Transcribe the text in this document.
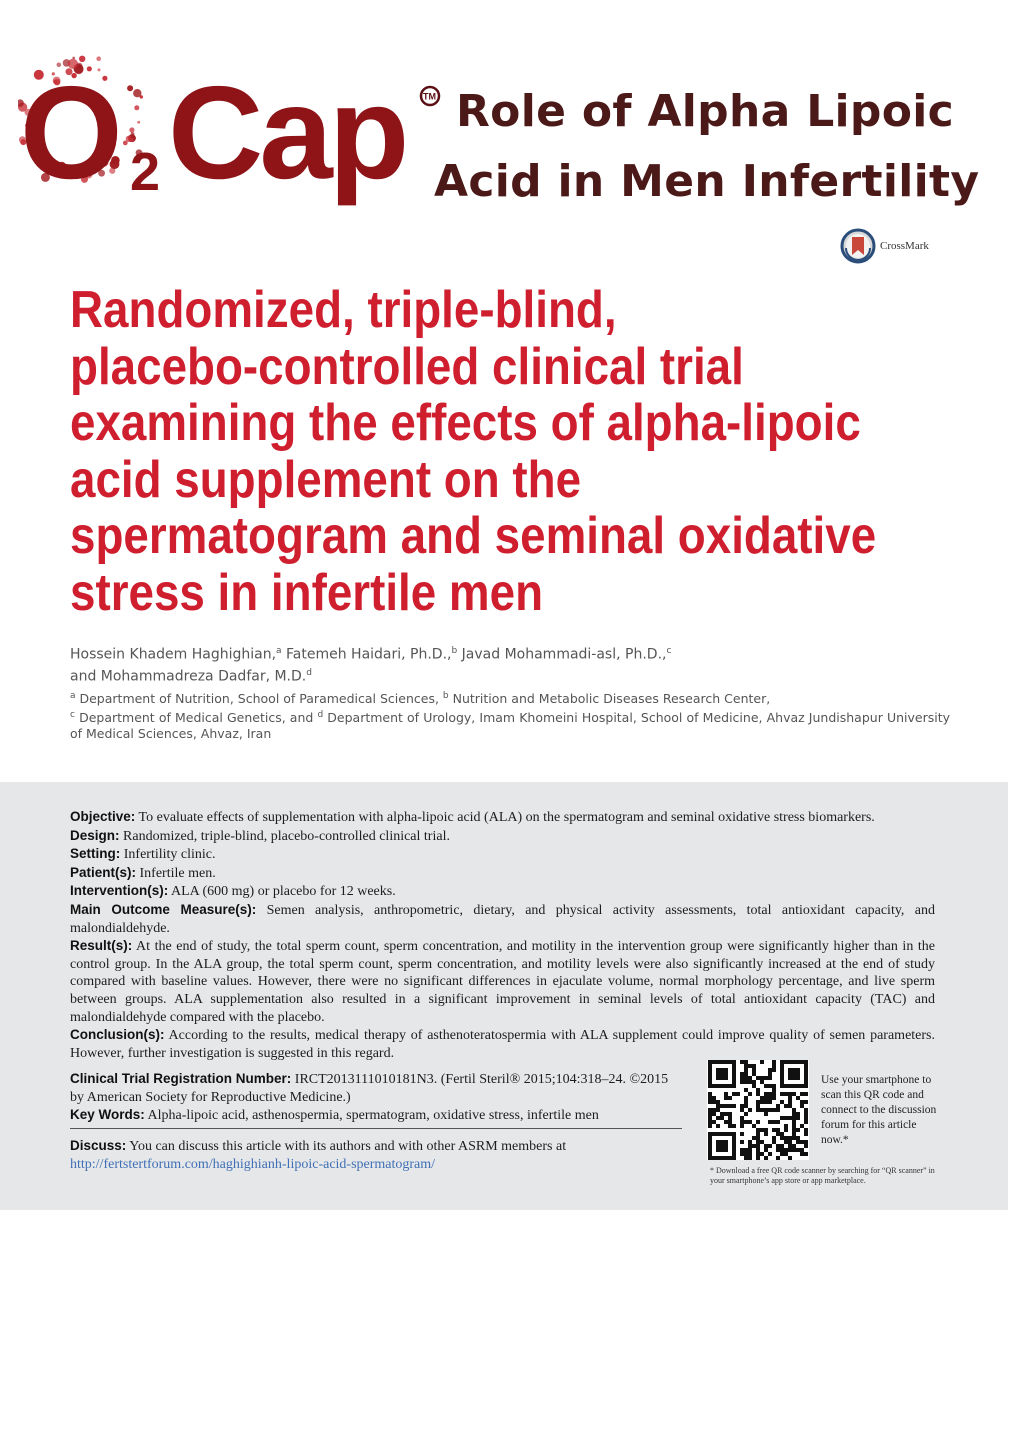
O 2 Cap TM Role of Alpha Lipoic
Acid in Men Infertility
CrossMark
Randomized, triple-blind,
placebo-controlled clinical trial
examining the effects of alpha-lipoic
acid supplement on the
spermatogram and seminal oxidative
stress in infertile men
Hossein Khadem Haghighian,$^a$ Fatemeh Haidari, Ph.D.,$^b$ Javad Mohammadi-asl, Ph.D.,$^c$
and Mohammadreza Dadfar, M.D.$^d$
$^a$ Department of Nutrition, School of Paramedical Sciences, $^b$ Nutrition and Metabolic Diseases Research Center,
$^c$ Department of Medical Genetics, and $^d$ Department of Urology, Imam Khomeini Hospital, School of Medicine, Ahvaz Jundishapur University of Medical Sciences, Ahvaz, Iran

Objective: To evaluate effects of supplementation with alpha-lipoic acid (ALA) on the spermatogram and seminal oxidative stress biomarkers.

Design: Randomized, triple-blind, placebo-controlled clinical trial.

Setting: Infertility clinic.

Patient(s): Infertile men.

Intervention(s): ALA (600 mg) or placebo for 12 weeks.

Main Outcome Measure(s): Semen analysis, anthropometric, dietary, and physical activity assessments, total antioxidant capacity, and malondialdehyde.

Result(s): At the end of study, the total sperm count, sperm concentration, and motility in the intervention group were significantly higher than in the control group. In the ALA group, the total sperm count, sperm concentration, and motility levels were also significantly increased at the end of study compared with baseline values. However, there were no significant differences in ejaculate volume, normal morphology percentage, and live sperm between groups. ALA supplementation also resulted in a significant improvement in seminal levels of total antioxidant capacity (TAC) and malondialdehyde compared with the placebo.

Conclusion(s): According to the results, medical therapy of asthenoteratospermia with ALA supplement could improve quality of semen parameters. However, further investigation is suggested in this regard.

Clinical Trial Registration Number: IRCT2013111010181N3. (Fertil Steril® 2015;104:318–24. ©2015 by American Society for Reproductive Medicine.)

Key Words: Alpha-lipoic acid, asthenospermia, spermatogram, oxidative stress, infertile men

Discuss: You can discuss this article with its authors and with other ASRM members at http://fertstertforum.com/haghighianh-lipoic-acid-spermatogram/
Use your smartphone to scan this QR code and connect to the discussion forum for this article now.*
* Download a free QR code scanner by searching for “QR scanner” in your smartphone’s app store or app marketplace.
